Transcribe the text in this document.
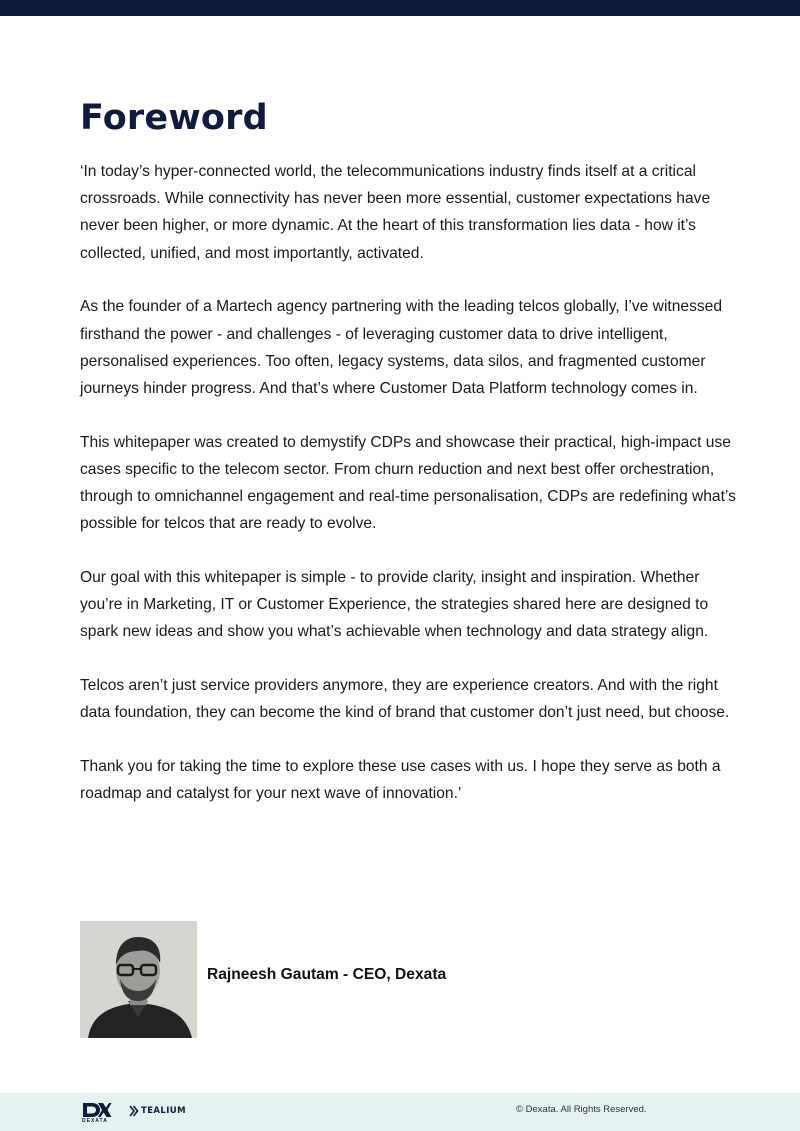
Foreword

‘In today’s hyper-connected world, the telecommunications industry finds itself at a critical crossroads. While connectivity has never been more essential, customer expectations have never been higher, or more dynamic. At the heart of this transformation lies data - how it’s collected, unified, and most importantly, activated.

As the founder of a Martech agency partnering with the leading telcos globally, I’ve witnessed firsthand the power - and challenges - of leveraging customer data to drive intelligent, personalised experiences. Too often, legacy systems, data silos, and fragmented customer journeys hinder progress. And that’s where Customer Data Platform technology comes in.

This whitepaper was created to demystify CDPs and showcase their practical, high-impact use cases specific to the telecom sector. From churn reduction and next best offer orchestration, through to omnichannel engagement and real-time personalisation, CDPs are redefining what’s possible for telcos that are ready to evolve.

Our goal with this whitepaper is simple - to provide clarity, insight and inspiration. Whether you’re in Marketing, IT or Customer Experience, the strategies shared here are designed to spark new ideas and show you what’s achievable when technology and data strategy align.

Telcos aren’t just service providers anymore, they are experience creators. And with the right data foundation, they can become the kind of brand that customer don’t just need, but choose.

Thank you for taking the time to explore these use cases with us. I hope they serve as both a roadmap and catalyst for your next wave of innovation.’

Rajneesh Gautam - CEO, Dexata
DEXATA
TEALIUM	© Dexata. All Rights Reserved.
